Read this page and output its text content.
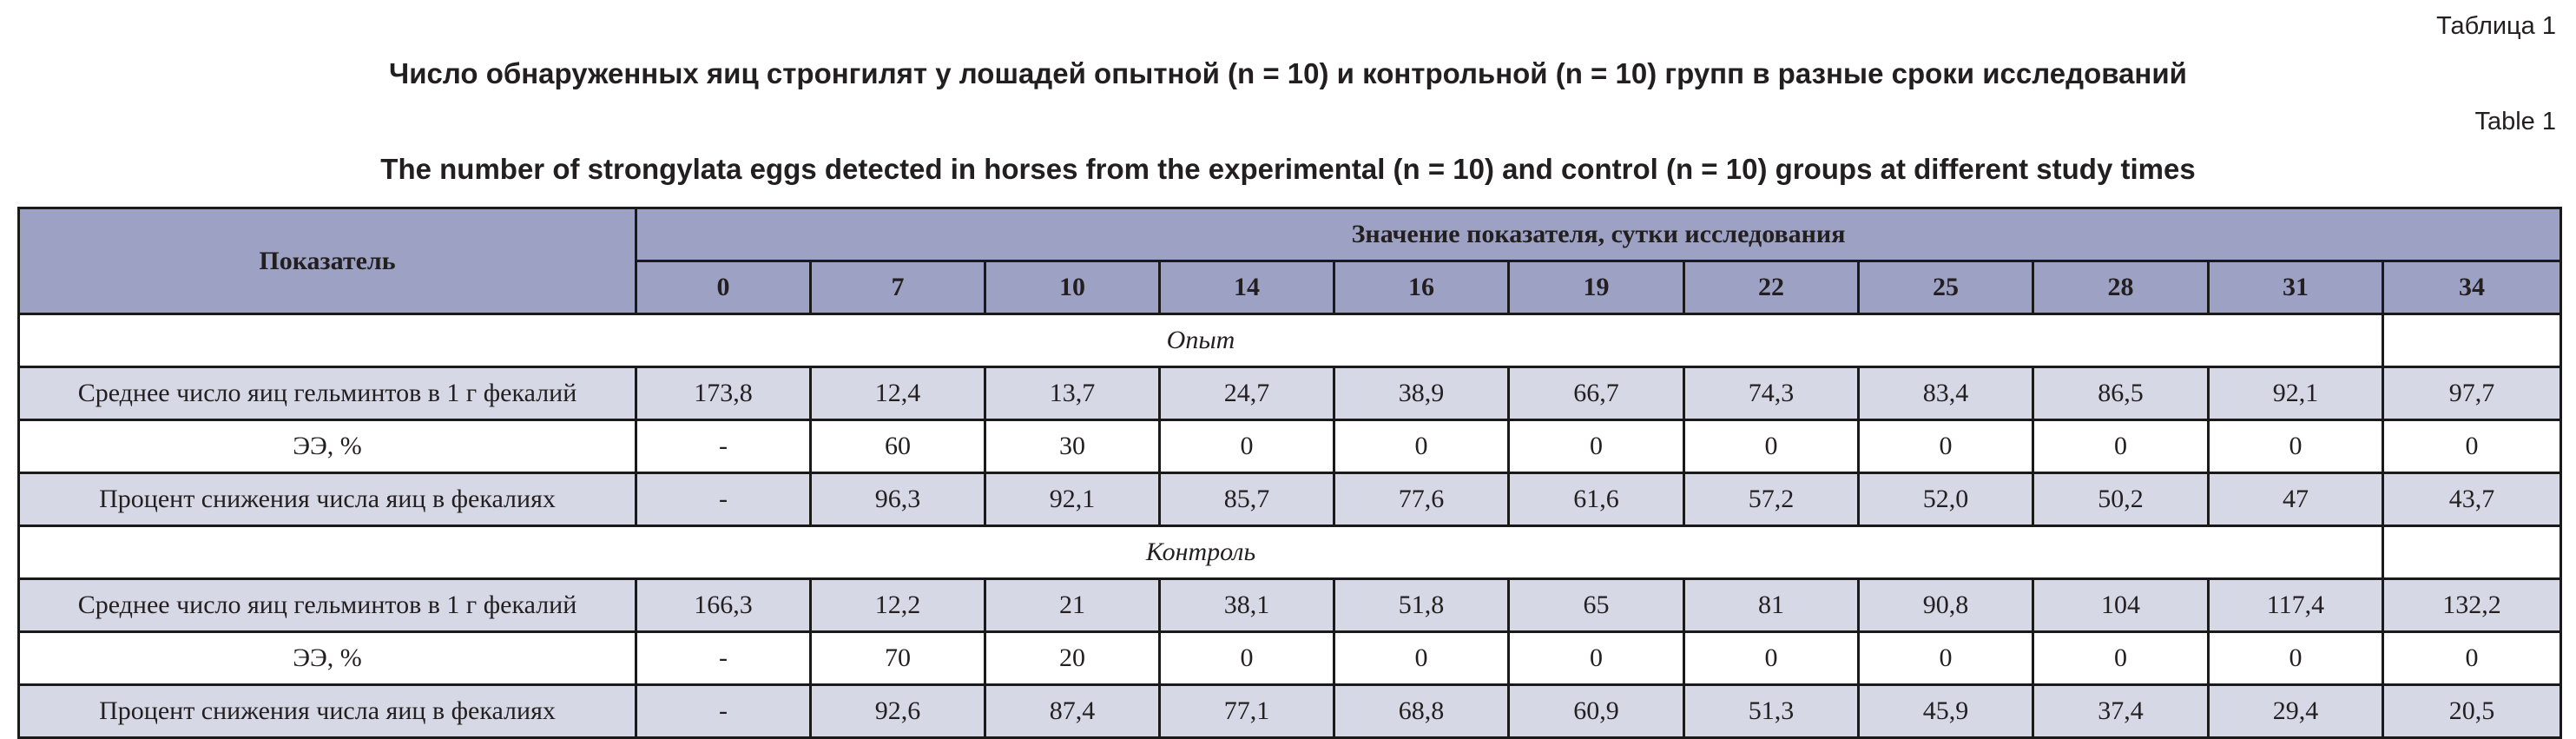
Таблица 1
Число обнаруженных яиц стронгилят у лошадей опытной (n = 10) и контрольной (n = 10) групп в разные сроки исследований
Table 1
The number of strongylata eggs detected in horses from the experimental (n = 10) and control (n = 10) groups at different study times
Показатель	Значение показателя, сутки исследования										
	0	7	10	14	16	19	22	25	28	31	34
Опыт											
Среднее число яиц гельминтов в 1 г фекалий	173,8	12,4	13,7	24,7	38,9	66,7	74,3	83,4	86,5	92,1	97,7
ЭЭ, %	-	60	30	0	0	0	0	0	0	0	0
Процент снижения числа яиц в фекалиях	-	96,3	92,1	85,7	77,6	61,6	57,2	52,0	50,2	47	43,7
Контроль											
Среднее число яиц гельминтов в 1 г фекалий	166,3	12,2	21	38,1	51,8	65	81	90,8	104	117,4	132,2
ЭЭ, %	-	70	20	0	0	0	0	0	0	0	0
Процент снижения числа яиц в фекалиях	-	92,6	87,4	77,1	68,8	60,9	51,3	45,9	37,4	29,4	20,5
